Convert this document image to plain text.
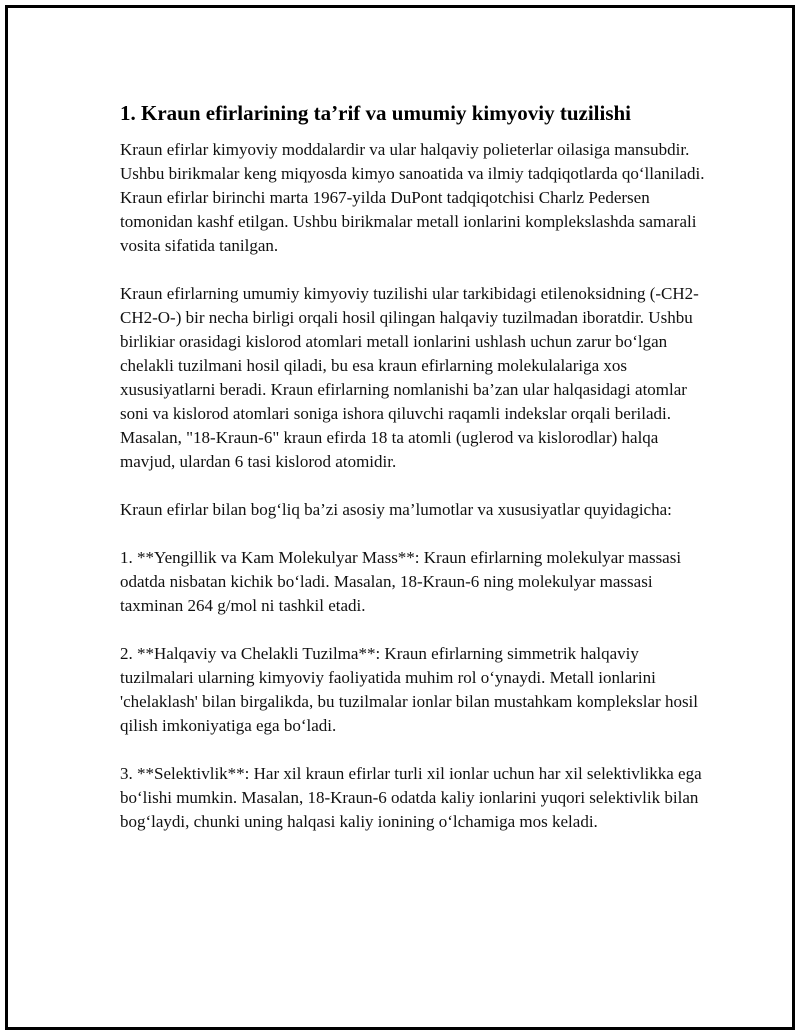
1. Kraun efirlarining ta’rif va umumiy kimyoviy tuzilishi

Kraun efirlar kimyoviy moddalardir va ular halqaviy polieterlar oilasiga mansubdir. Ushbu birikmalar keng miqyosda kimyo sanoatida va ilmiy tadqiqotlarda qo‘llaniladi. Kraun efirlar birinchi marta 1967-yilda DuPont tadqiqotchisi Charlz Pedersen tomonidan kashf etilgan. Ushbu birikmalar metall ionlarini komplekslashda samarali vosita sifatida tanilgan.

Kraun efirlarning umumiy kimyoviy tuzilishi ular tarkibidagi etilenoksidning (-CH2-CH2-O-) bir necha birligi orqali hosil qilingan halqaviy tuzilmadan iboratdir. Ushbu birlikiar orasidagi kislorod atomlari metall ionlarini ushlash uchun zarur bo‘lgan chelakli tuzilmani hosil qiladi, bu esa kraun efirlarning molekulalariga xos xususiyatlarni beradi. Kraun efirlarning nomlanishi ba’zan ular halqasidagi atomlar soni va kislorod atomlari soniga ishora qiluvchi raqamli indekslar orqali beriladi. Masalan, "18-Kraun-6" kraun efirda 18 ta atomli (uglerod va kislorodlar) halqa mavjud, ulardan 6 tasi kislorod atomidir.

Kraun efirlar bilan bog‘liq ba’zi asosiy ma’lumotlar va xususiyatlar quyidagicha:

1. **Yengillik va Kam Molekulyar Mass**: Kraun efirlarning molekulyar massasi odatda nisbatan kichik bo‘ladi. Masalan, 18-Kraun-6 ning molekulyar massasi taxminan 264 g/mol ni tashkil etadi.

2. **Halqaviy va Chelakli Tuzilma**: Kraun efirlarning simmetrik halqaviy tuzilmalari ularning kimyoviy faoliyatida muhim rol o‘ynaydi. Metall ionlarini 'chelaklash' bilan birgalikda, bu tuzilmalar ionlar bilan mustahkam komplekslar hosil qilish imkoniyatiga ega bo‘ladi.

3. **Selektivlik**: Har xil kraun efirlar turli xil ionlar uchun har xil selektivlikka ega bo‘lishi mumkin. Masalan, 18-Kraun-6 odatda kaliy ionlarini yuqori selektivlik bilan bog‘laydi, chunki uning halqasi kaliy ionining o‘lchamiga mos keladi.
